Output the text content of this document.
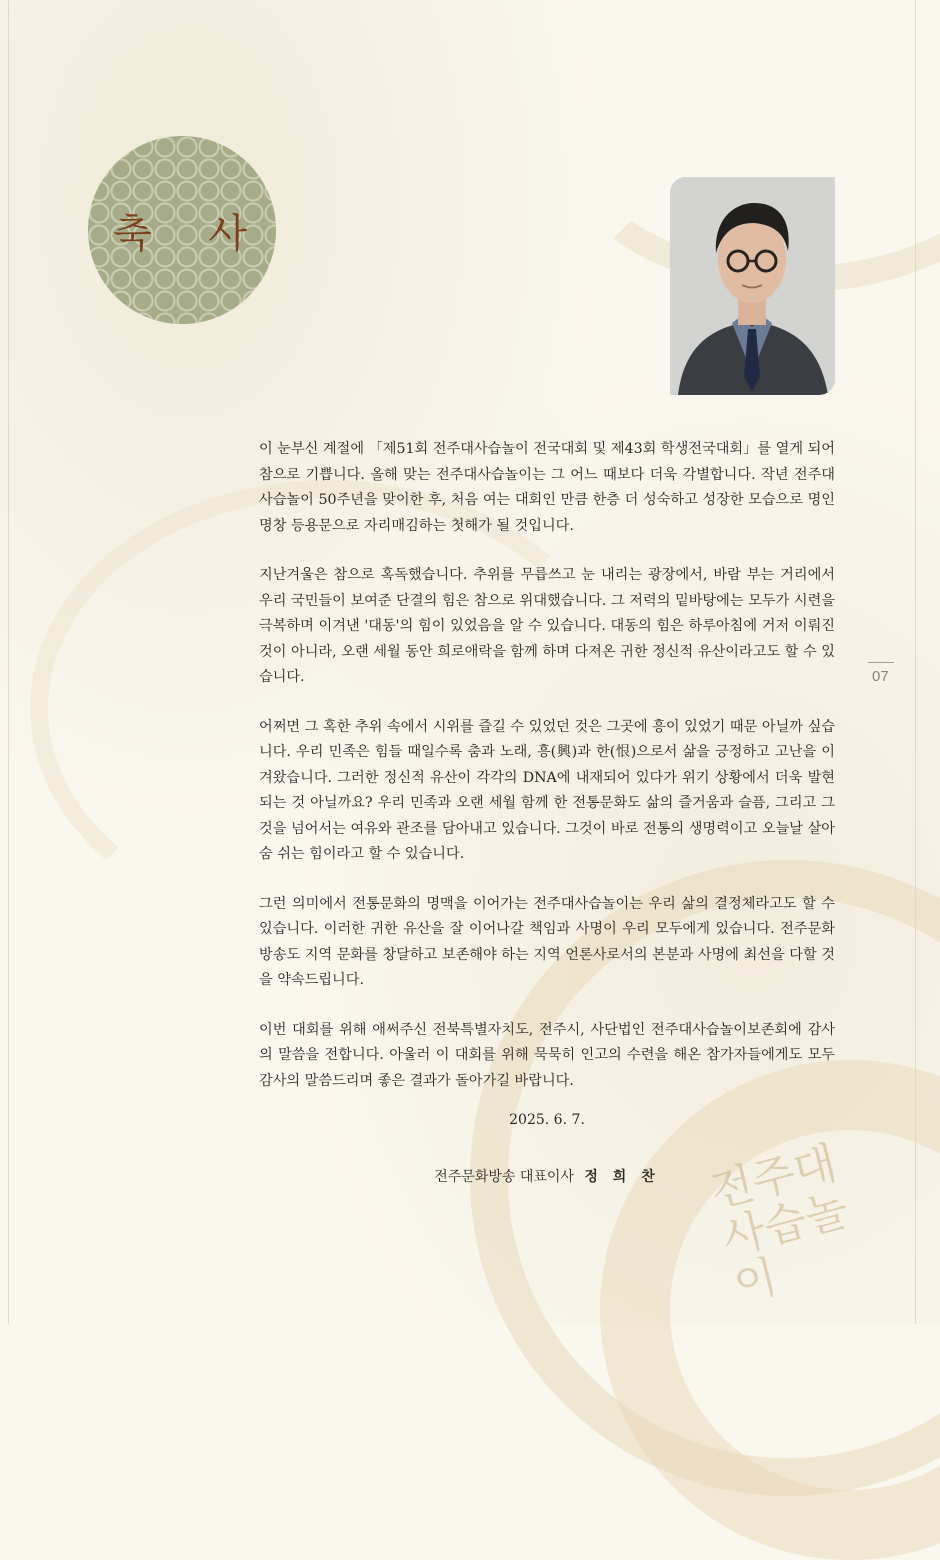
축 사
07

이 눈부신 계절에 「제51회 전주대사습놀이 전국대회 및 제43회 학생전국대회」를 열게 되어 참으로 기쁩니다. 올해 맞는 전주대사습놀이는 그 어느 때보다 더욱 각별합니다. 작년 전주대사습놀이 50주년을 맞이한 후, 처음 여는 대회인 만큼 한층 더 성숙하고 성장한 모습으로 명인 명창 등용문으로 자리매김하는 첫해가 될 것입니다.

지난겨울은 참으로 혹독했습니다. 추위를 무릅쓰고 눈 내리는 광장에서, 바람 부는 거리에서 우리 국민들이 보여준 단결의 힘은 참으로 위대했습니다. 그 저력의 밑바탕에는 모두가 시련을 극복하며 이겨낸 '대동'의 힘이 있었음을 알 수 있습니다. 대동의 힘은 하루아침에 거저 이뤄진 것이 아니라, 오랜 세월 동안 희로애락을 함께 하며 다져온 귀한 정신적 유산이라고도 할 수 있습니다.

어쩌면 그 혹한 추위 속에서 시위를 즐길 수 있었던 것은 그곳에 흥이 있었기 때문 아닐까 싶습니다. 우리 민족은 힘들 때일수록 춤과 노래, 흥(興)과 한(恨)으로서 삶을 긍정하고 고난을 이겨왔습니다. 그러한 정신적 유산이 각각의 DNA에 내재되어 있다가 위기 상황에서 더욱 발현되는 것 아닐까요? 우리 민족과 오랜 세월 함께 한 전통문화도 삶의 즐거움과 슬픔, 그리고 그것을 넘어서는 여유와 관조를 담아내고 있습니다. 그것이 바로 전통의 생명력이고 오늘날 살아 숨 쉬는 힘이라고 할 수 있습니다.

그런 의미에서 전통문화의 명맥을 이어가는 전주대사습놀이는 우리 삶의 결정체라고도 할 수 있습니다. 이러한 귀한 유산을 잘 이어나갈 책임과 사명이 우리 모두에게 있습니다. 전주문화방송도 지역 문화를 창달하고 보존해야 하는 지역 언론사로서의 본분과 사명에 최선을 다할 것을 약속드립니다.

이번 대회를 위해 애써주신 전북특별자치도, 전주시, 사단법인 전주대사습놀이보존회에 감사의 말씀을 전합니다. 아울러 이 대회를 위해 묵묵히 인고의 수련을 해온 참가자들에게도 모두 감사의 말씀드리며 좋은 결과가 돌아가길 바랍니다.

2025. 6. 7.
전주문화방송 대표이사 정 희 찬	전주대사습놀이
